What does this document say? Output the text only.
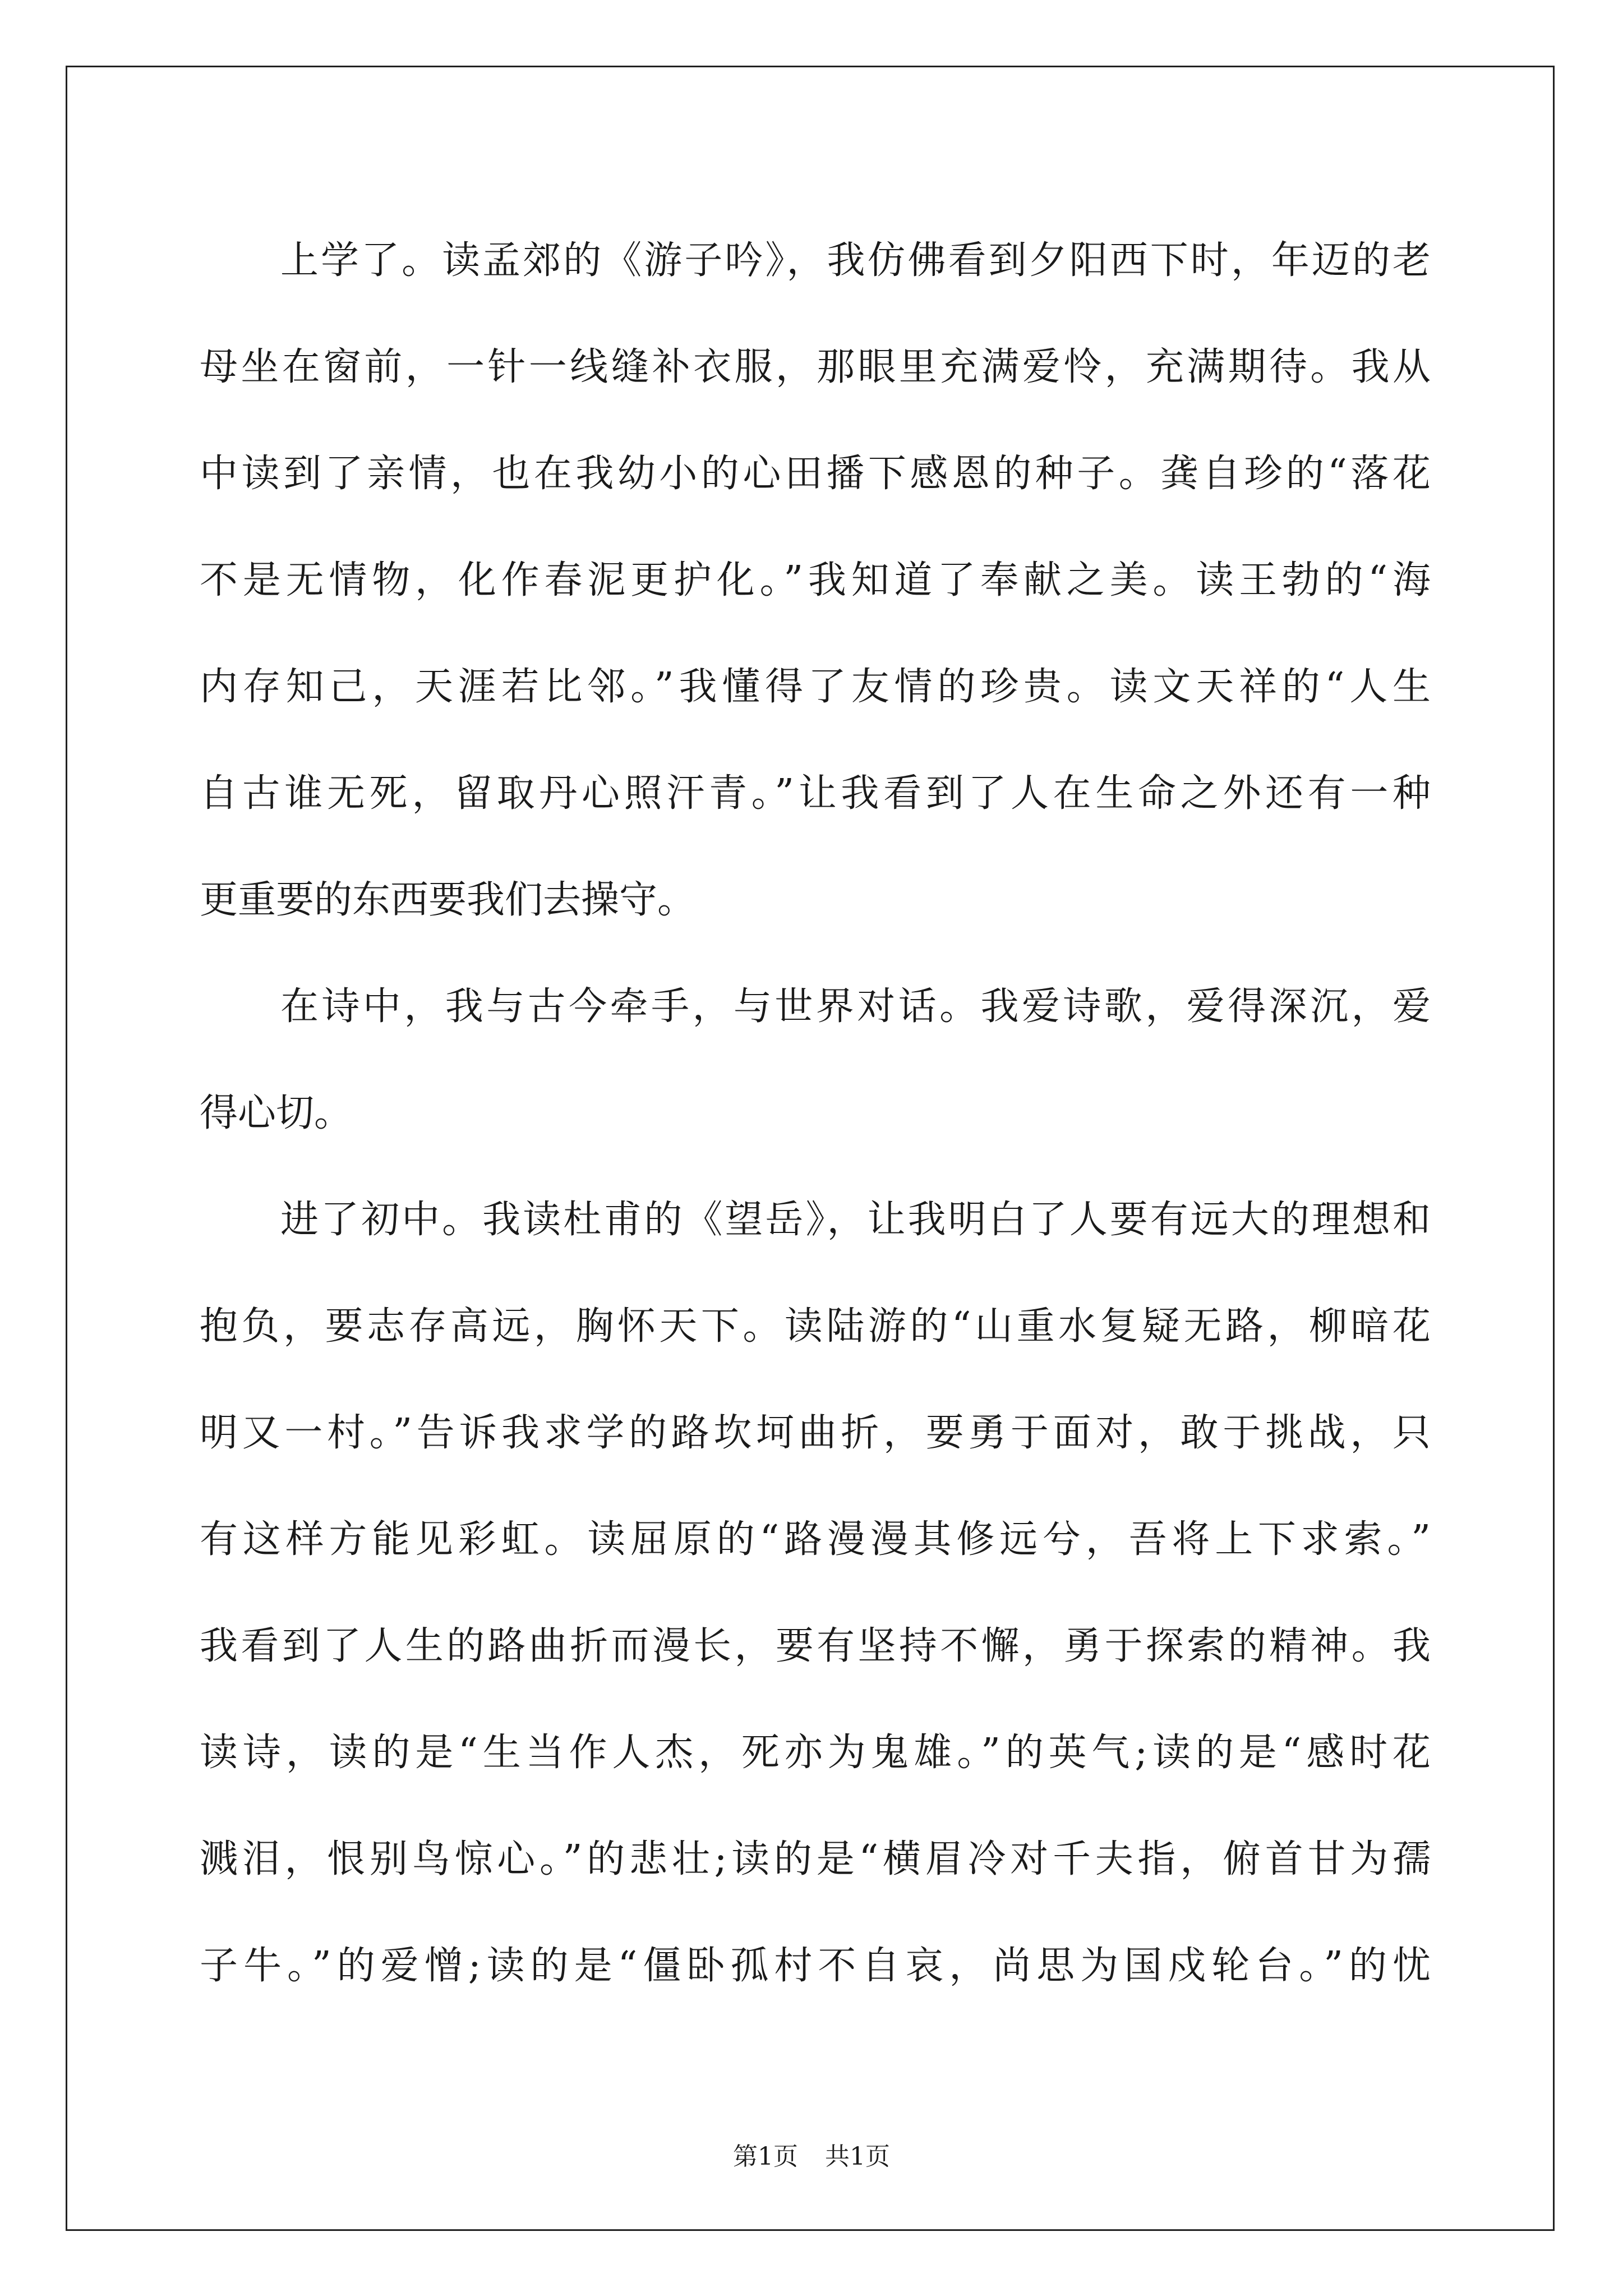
上学了。读孟郊的《游子吟》，我仿佛看到夕阳西下时，年迈的老
母坐在窗前，一针一线缝补衣服，那眼里充满爱怜，充满期待。我从
中读到了亲情，也在我幼小的心田播下感恩的种子。龚自珍的“落花
不是无情物，化作春泥更护化。”我知道了奉献之美。读王勃的“海
内存知己，天涯若比邻。”我懂得了友情的珍贵。读文天祥的“人生
自古谁无死，留取丹心照汗青。”让我看到了人在生命之外还有一种
更重要的东西要我们去操守。
在诗中，我与古今牵手，与世界对话。我爱诗歌，爱得深沉，爱
得心切。
进了初中。我读杜甫的《望岳》，让我明白了人要有远大的理想和
抱负，要志存高远，胸怀天下。读陆游的“山重水复疑无路，柳暗花
明又一村。”告诉我求学的路坎坷曲折，要勇于面对，敢于挑战，只
有这样方能见彩虹。读屈原的“路漫漫其修远兮，吾将上下求索。”
我看到了人生的路曲折而漫长，要有坚持不懈，勇于探索的精神。我
读诗，读的是“生当作人杰，死亦为鬼雄。”的英气;读的是“感时花
溅泪，恨别鸟惊心。”的悲壮;读的是“横眉冷对千夫指，俯首甘为孺
子牛。”的爱憎;读的是“僵卧孤村不自哀，尚思为国戍轮台。”的忧
第1页 共1页
